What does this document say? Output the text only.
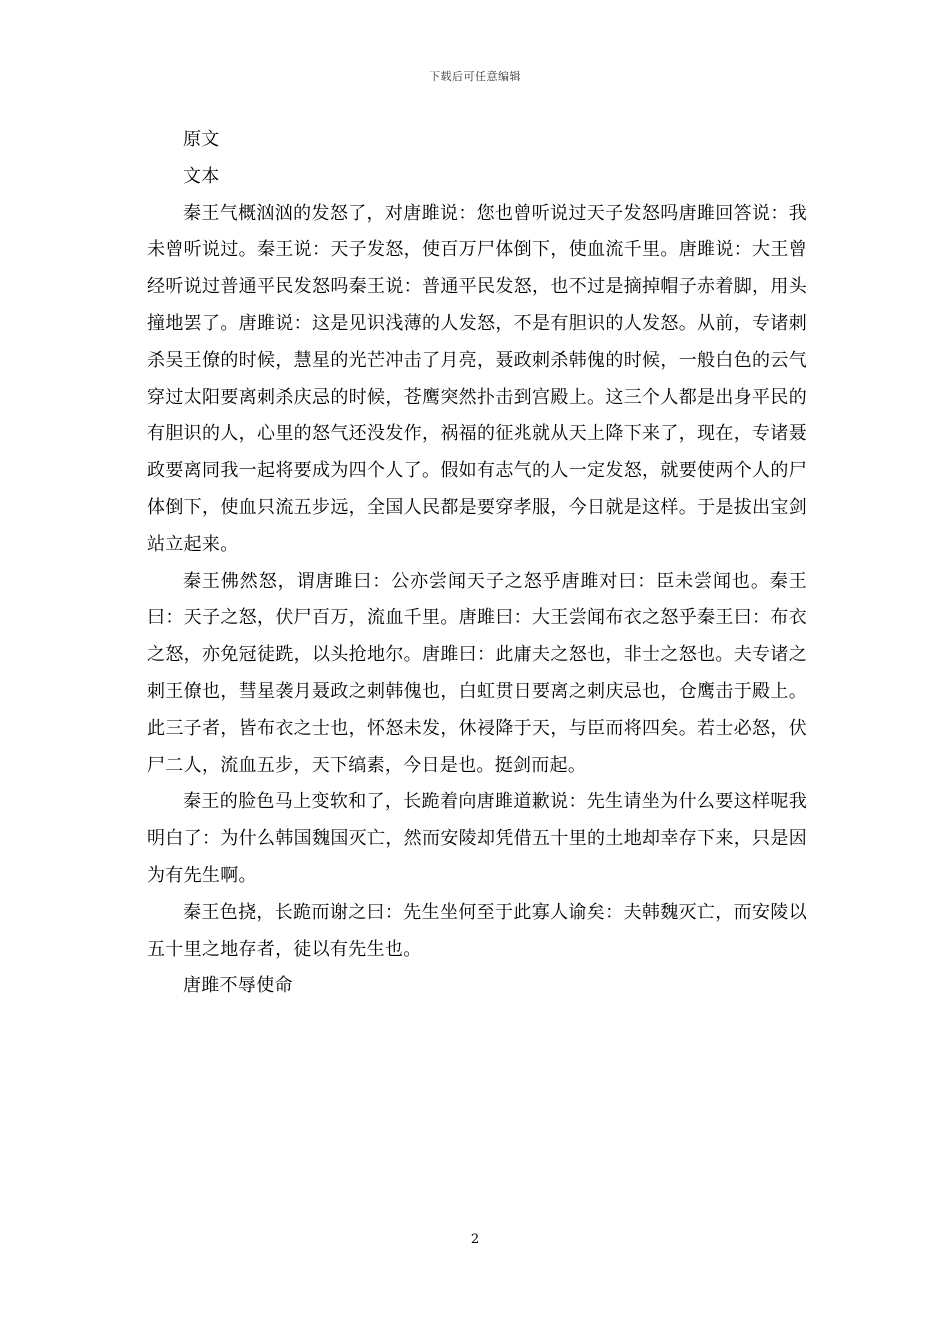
下载后可任意编辑

原文

文本

秦王气概汹汹的发怒了，对唐雎说：您也曾听说过天子发怒吗唐雎回答说：我未曾听说过。秦王说：天子发怒，使百万尸体倒下，使血流千里。唐雎说：大王曾经听说过普通平民发怒吗秦王说：普通平民发怒，也不过是摘掉帽子赤着脚，用头撞地罢了。唐雎说：这是见识浅薄的人发怒，不是有胆识的人发怒。从前，专诸刺杀吴王僚的时候，慧星的光芒冲击了月亮，聂政刺杀韩傀的时候，一般白色的云气穿过太阳要离刺杀庆忌的时候，苍鹰突然扑击到宫殿上。这三个人都是出身平民的有胆识的人，心里的怒气还没发作，祸福的征兆就从天上降下来了，现在，专诸聂政要离同我一起将要成为四个人了。假如有志气的人一定发怒，就要使两个人的尸体倒下，使血只流五步远，全国人民都是要穿孝服，今日就是这样。于是拔出宝剑站立起来。

秦王佛然怒，谓唐雎曰：公亦尝闻天子之怒乎唐雎对曰：臣未尝闻也。秦王曰：天子之怒，伏尸百万，流血千里。唐雎曰：大王尝闻布衣之怒乎秦王曰：布衣之怒，亦免冠徒跣，以头抢地尔。唐雎曰：此庸夫之怒也，非士之怒也。夫专诸之刺王僚也，彗星袭月聂政之刺韩傀也，白虹贯日要离之刺庆忌也，仓鹰击于殿上。此三子者，皆布衣之士也，怀怒未发，休祲降于天，与臣而将四矣。若士必怒，伏尸二人，流血五步，天下缟素，今日是也。挺剑而起。

秦王的脸色马上变软和了，长跪着向唐雎道歉说：先生请坐为什么要这样呢我明白了：为什么韩国魏国灭亡，然而安陵却凭借五十里的土地却幸存下来，只是因为有先生啊。

秦王色挠，长跪而谢之曰：先生坐何至于此寡人谕矣：夫韩魏灭亡，而安陵以五十里之地存者，徒以有先生也。

唐雎不辱使命

2
